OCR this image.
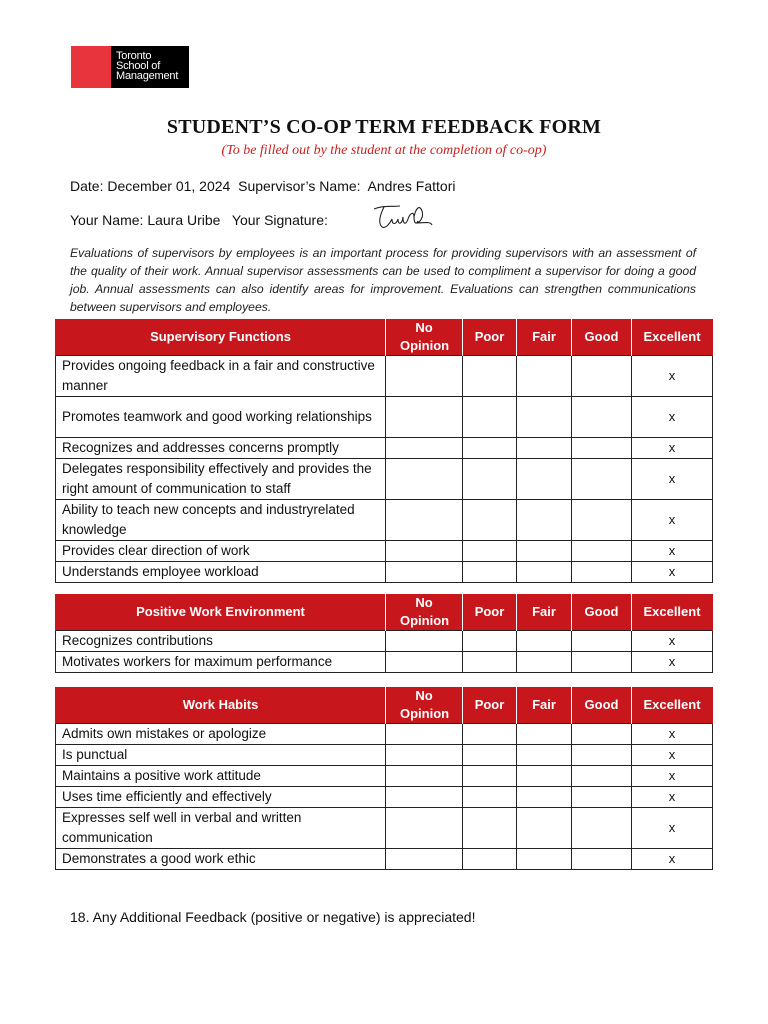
Toronto
School of
Management
STUDENT’S CO-OP TERM FEEDBACK FORM
(To be filled out by the student at the completion of co-op)
Date: December 01, 2024 Supervisor’s Name: Andres Fattori
Your Name: Laura Uribe Your Signature:
Evaluations of supervisors by employees is an important process for providing supervisors with an assessment of the quality of their work. Annual supervisor assessments can be used to compliment a supervisor for doing a good job. Annual assessments can also identify areas for improvement. Evaluations can strengthen communications between supervisors and employees.
Supervisory Functions	No Opinion	Poor	Fair	Good	Excellent
Provides ongoing feedback in a fair and constructive manner					x
Promotes teamwork and good working relationships					x
Recognizes and addresses concerns promptly					x
Delegates responsibility effectively and provides the right amount of communication to staff					x
Ability to teach new concepts and industryrelated knowledge					x
Provides clear direction of work					x
Understands employee workload					x
Positive Work Environment	No Opinion	Poor	Fair	Good	Excellent
Recognizes contributions					x
Motivates workers for maximum performance					x
Work Habits	No Opinion	Poor	Fair	Good	Excellent
Admits own mistakes or apologize					x
Is punctual					x
Maintains a positive work attitude					x
Uses time efficiently and effectively					x
Expresses self well in verbal and written communication					x
Demonstrates a good work ethic					x
18. Any Additional Feedback (positive or negative) is appreciated!
